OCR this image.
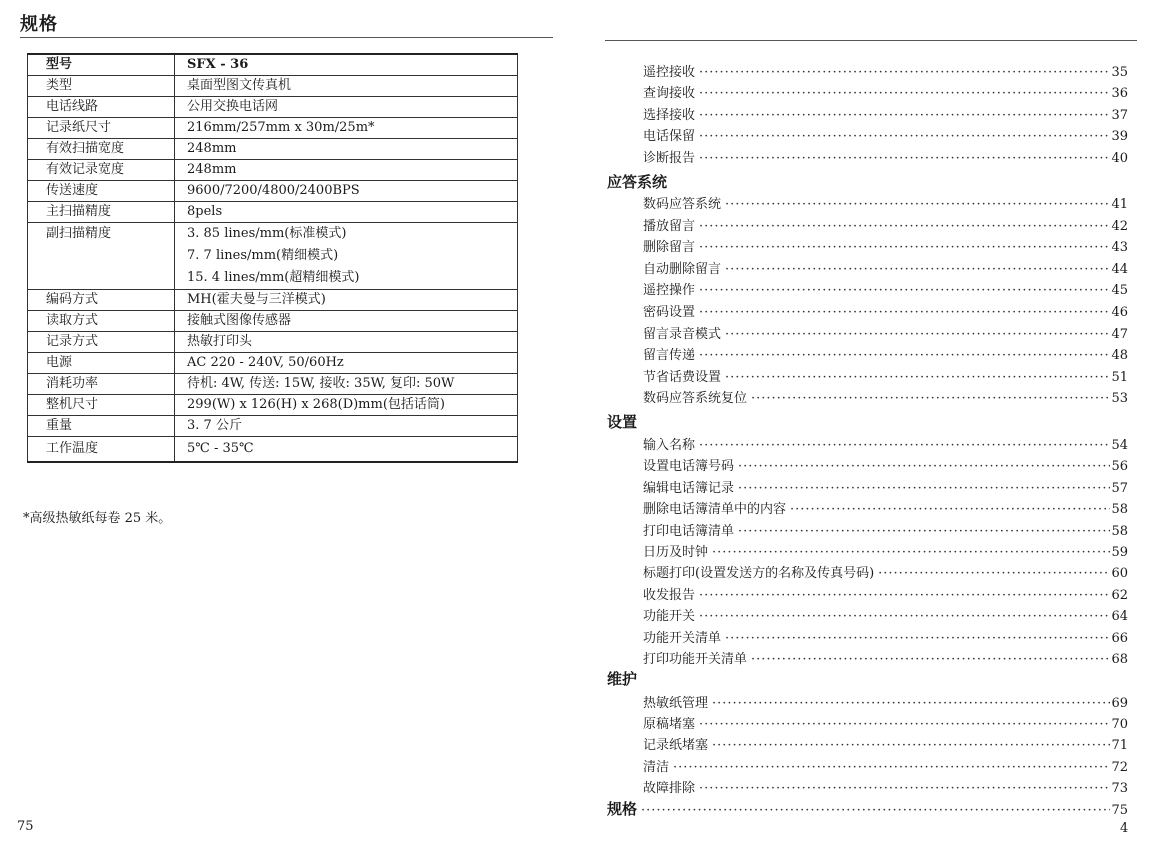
规格
型号	SFX - 36
类型	桌面型图文传真机
电话线路	公用交换电话网
记录纸尺寸	216mm/257mm x 30m/25m*
有效扫描宽度	248mm
有效记录宽度	248mm
传送速度	9600/7200/4800/2400BPS
主扫描精度	8pels
副扫描精度	3. 85 lines/mm(标准模式)
7. 7 lines/mm(精细模式)
15. 4 lines/mm(超精细模式)

编码方式	MH(霍夫曼与三洋模式)
读取方式	接触式图像传感器
记录方式	热敏打印头
电源	AC 220 - 240V, 50/60Hz
消耗功率	待机: 4W, 传送: 15W, 接收: 35W, 复印: 50W
整机尺寸	299(W) x 126(H) x 268(D)mm(包括话筒)
重量	3. 7 公斤
工作温度	5℃ - 35℃
*高级热敏纸每卷 25 米。
75
遥控接收 ·····	35
查询接收 ·····	36
选择接收 ·····	37
电话保留 ·····	39
诊断报告 ·····	40
应答系统
数码应答系统 ·····	41
播放留言 ·····	42
删除留言 ·····	43
自动删除留言 ·····	44
遥控操作 ·····	45
密码设置 ·····	46
留言录音模式 ·····	47
留言传递 ·····	48
节省话费设置 ·····	51
数码应答系统复位 ·····	53
设置
输入名称 ·····	54
设置电话簿号码 ·····	56
编辑电话簿记录 ·····	57
删除电话簿清单中的内容 ·····	58
打印电话簿清单 ·····	58
日历及时钟 ·····	59
标题打印(设置发送方的名称及传真号码) ·····	60
收发报告 ·····	62
功能开关 ·····	64
功能开关清单 ·····	66
打印功能开关清单 ·····	68
维护
热敏纸管理 ·····	69
原稿堵塞 ·····	70
记录纸堵塞 ·····	71
清洁 ·····	72
故障排除 ·····	73
规格 ·····	75
4
